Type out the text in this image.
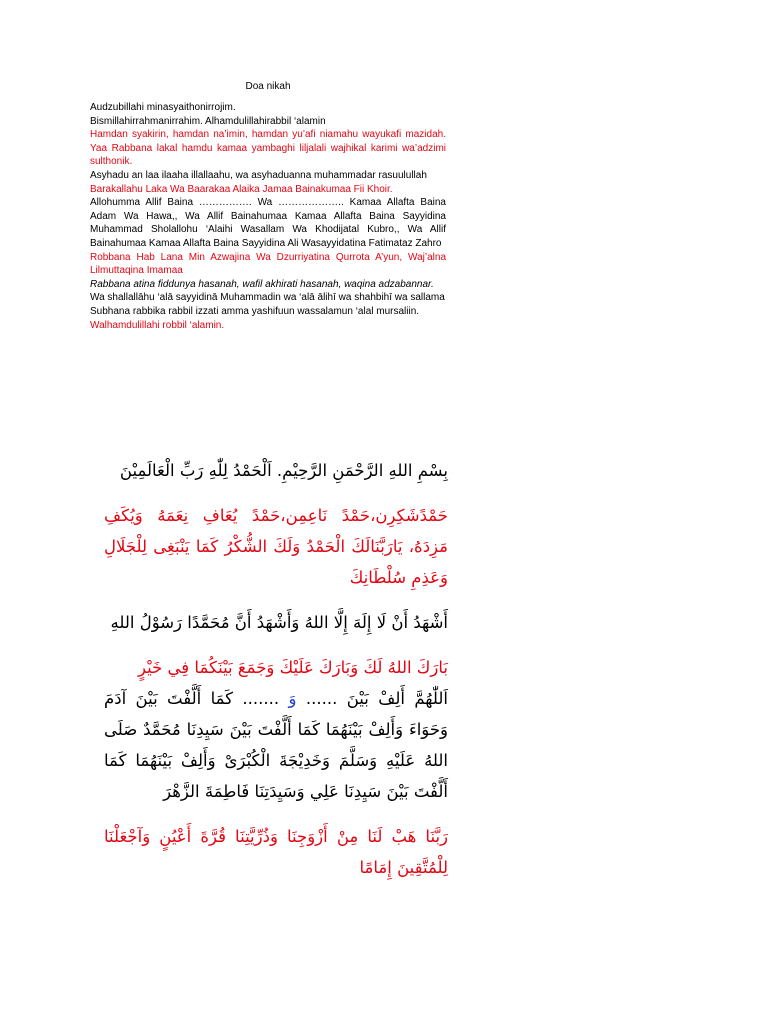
Doa nikah

Audzubillahi minasyaithonirrojim.

Bismillahirrahmanirrahim. Alhamdulillahirabbil ‘alamin

Hamdan syakirin, hamdan na’imin, hamdan yu’afi niamahu wayukafi mazidah. Yaa Rabbana lakal hamdu kamaa yambaghi liljalali wajhikal karimi wa’adzimi sulthonik.

Asyhadu an laa ilaaha illallaahu, wa asyhaduanna muhammadar rasuulullah

Barakallahu Laka Wa Baarakaa Alaika Jamaa Bainakumaa Fii Khoir.

Allohumma Allif Baina ……………. Wa ……………….. Kamaa Allafta Baina Adam Wa Hawa,, Wa Allif Bainahumaa Kamaa Allafta Baina Sayyidina Muhammad Sholallohu ‘Alaihi Wasallam Wa Khodijatal Kubro,, Wa Allif Bainahumaa Kamaa Allafta Baina Sayyidina Ali Wasayyidatina Fatimataz Zahro

Robbana Hab Lana Min Azwajina Wa Dzurriyatina Qurrota A’yun, Waj’alna Lilmuttaqina Imamaa

Rabbana atina fiddunya hasanah, wafil akhirati hasanah, waqina adzabannar.

Wa shallallāhu ‘alā sayyidinā Muhammadin wa ‘alā ālihī wa shahbihī wa sallama

Subhana rabbika rabbil izzati amma yashifuun wassalamun ‘alal mursaliin.

Walhamdulillahi robbil ‘alamin.

بِسْمِ اللهِ الرَّحْمَنِ الرَّحِيْمِ. اَلْحَمْدُ لِلّٰهِ رَبِّ الْعَالَمِيْنَ

حَمْدًشَكِرِن،حَمْدً نَاعِمِن،حَمْدً يُعَافِ نِعَمَهُ وَيُكَفِ مَزِدَهُ، يَارَبَّنَالَكَ الْحَمْدُ وَلَكَ الشُّكْرُ كَمَا يَنْبَغِى لِلْجَلَالِ وَعَذِمِ سُلْطَانِكَ

أَشْهَدُ أَنْ لَا إِلَهَ إِلَّا اللهُ وَأَشْهَدُ أَنَّ مُحَمَّدًا رَسُوْلُ اللهِ

بَارَكَ اللهُ لَكَ وَبَارَكَ عَلَيْكَ وَجَمَعَ بَيْنَكُمَا فِي خَيْرٍ

اَللّٰهُمَّ أَلِفْ بَيْنَ ...... وَ ....... كَمَا أَلَّفْتَ بَيْنَ آدَمَ وَحَوَاءَ وَأَلِفْ بَيْنَهُمَا كَمَا أَلَّفْتَ بَيْنَ سَيِدِنَا مُحَمَّدٌ صَلَى اللهُ عَلَيْهِ وَسَلَّمَ وَخَدِيْجَةَ الْكُبْرَىْ وَأَلِفْ بَيْنَهُمَا كَمَا أَلَّفْتَ بَيْنَ سَيِدِنَا عَلِي وَسَيِدَتِنَا فَاطِمَةَ الزَّهْرَ

رَبَّنَا هَبْ لَنَا مِنْ أَزْوَجِنَا وَذُرِّيَّتِنَا قُرَّةَ أَعْيُنٍ وَآجْعَلْنَا لِلْمُتَّقِينَ إِمَامًا
